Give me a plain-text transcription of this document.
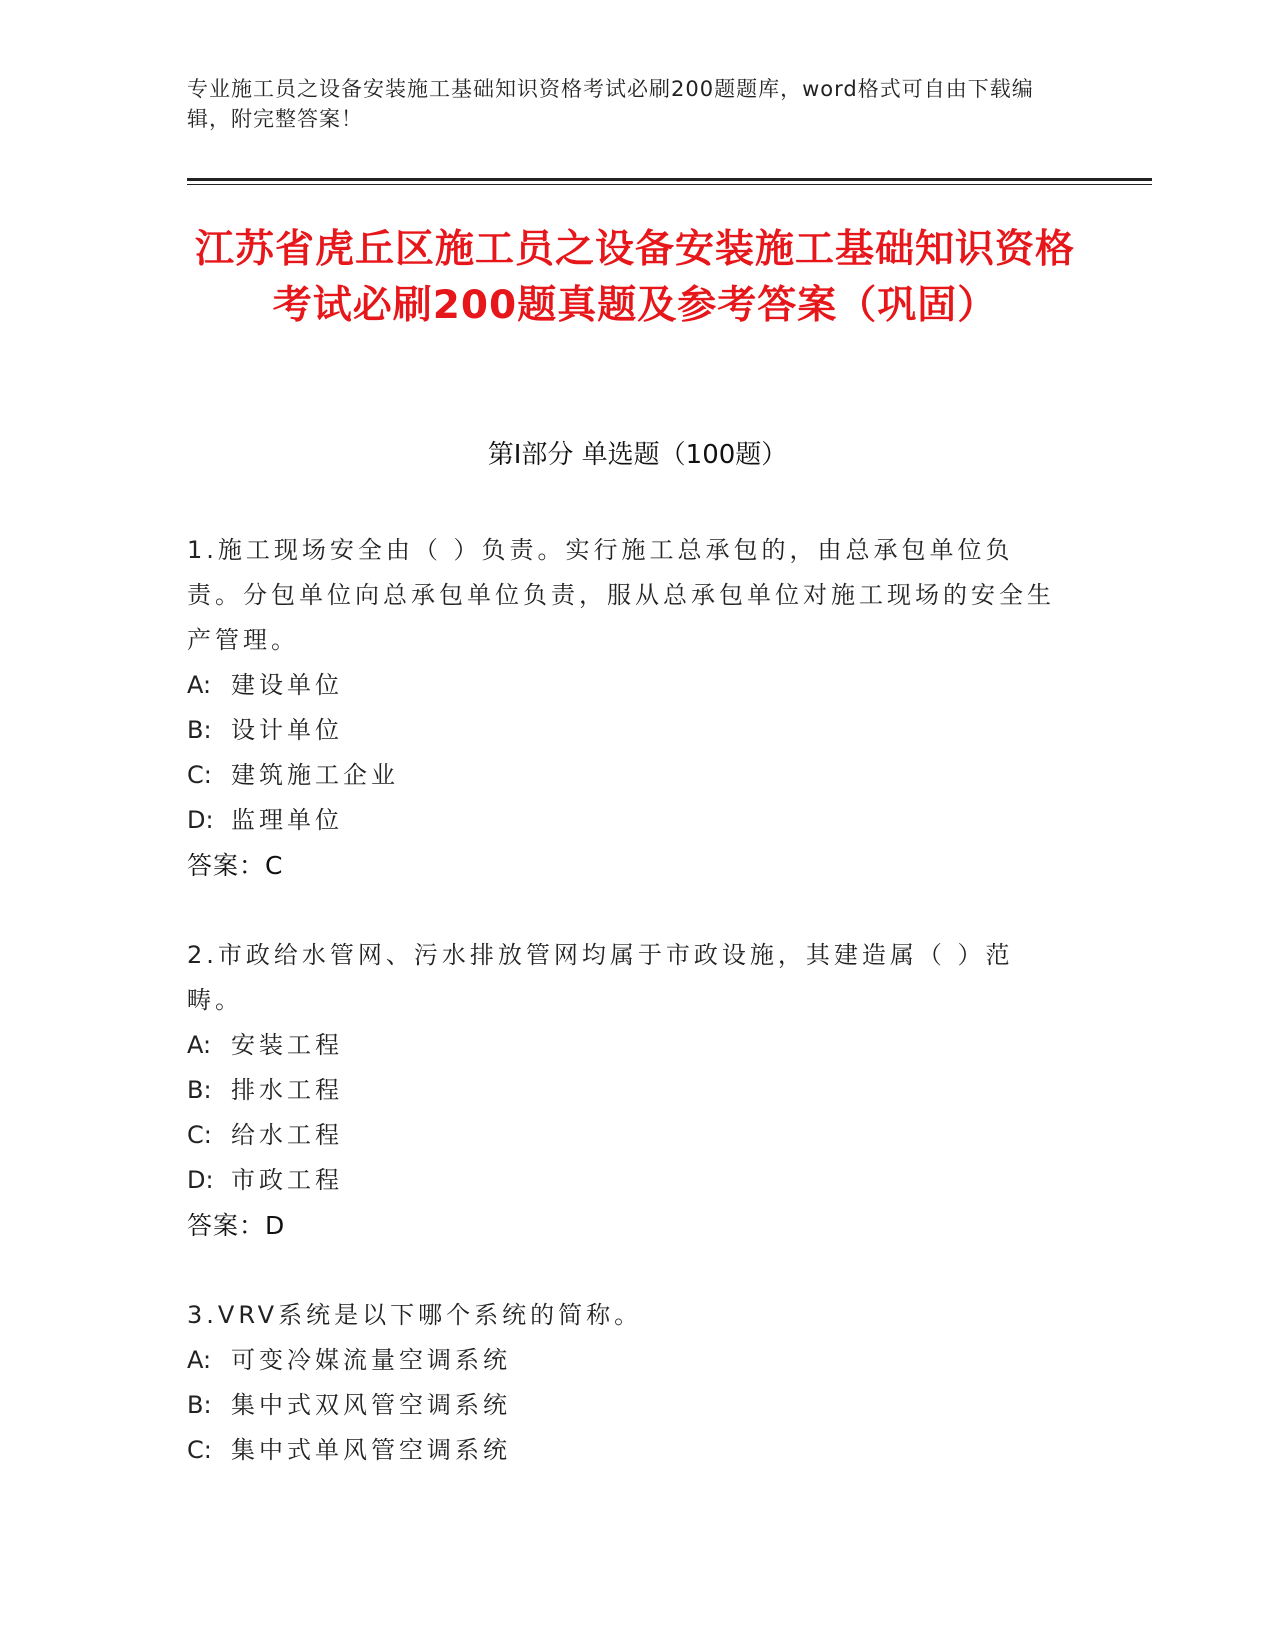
专业施工员之设备安装施工基础知识资格考试必刷200题题库，word格式可自由下载编辑，附完整答案！
江苏省虎丘区施工员之设备安装施工基础知识资格考试必刷200题真题及参考答案（巩固）
第Ⅰ部分 单选题（100题）
1.施工现场安全由（ ）负责。实行施工总承包的，由总承包单位负责。分包单位向总承包单位负责，服从总承包单位对施工现场的安全生产管理。
A: 建设单位
B: 设计单位
C: 建筑施工企业
D: 监理单位
答案：C
2.市政给水管网、污水排放管网均属于市政设施，其建造属（ ）范畴。
A: 安装工程
B: 排水工程
C: 给水工程
D: 市政工程
答案：D
3.VRV系统是以下哪个系统的简称。
A: 可变冷媒流量空调系统
B: 集中式双风管空调系统
C: 集中式单风管空调系统
